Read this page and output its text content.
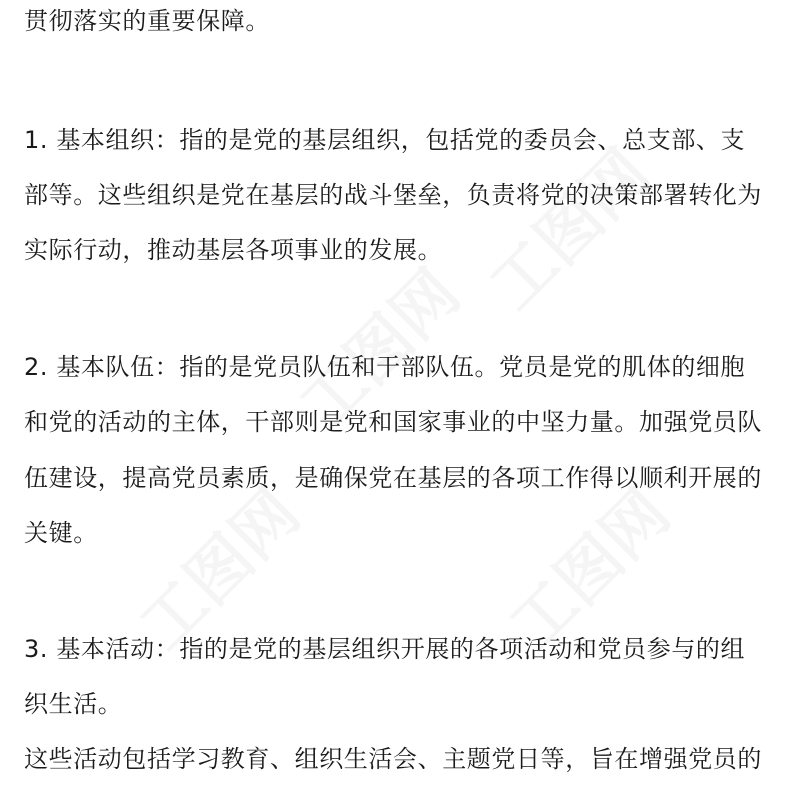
贯彻落实的重要保障。
1. 基本组织：指的是党的基层组织，包括党的委员会、总支部、支
部等。这些组织是党在基层的战斗堡垒，负责将党的决策部署转化为
实际行动，推动基层各项事业的发展。
2. 基本队伍：指的是党员队伍和干部队伍。党员是党的肌体的细胞
和党的活动的主体，干部则是党和国家事业的中坚力量。加强党员队
伍建设，提高党员素质，是确保党在基层的各项工作得以顺利开展的
关键。
3. 基本活动：指的是党的基层组织开展的各项活动和党员参与的组
织生活。
这些活动包括学习教育、组织生活会、主题党日等，旨在增强党员的
